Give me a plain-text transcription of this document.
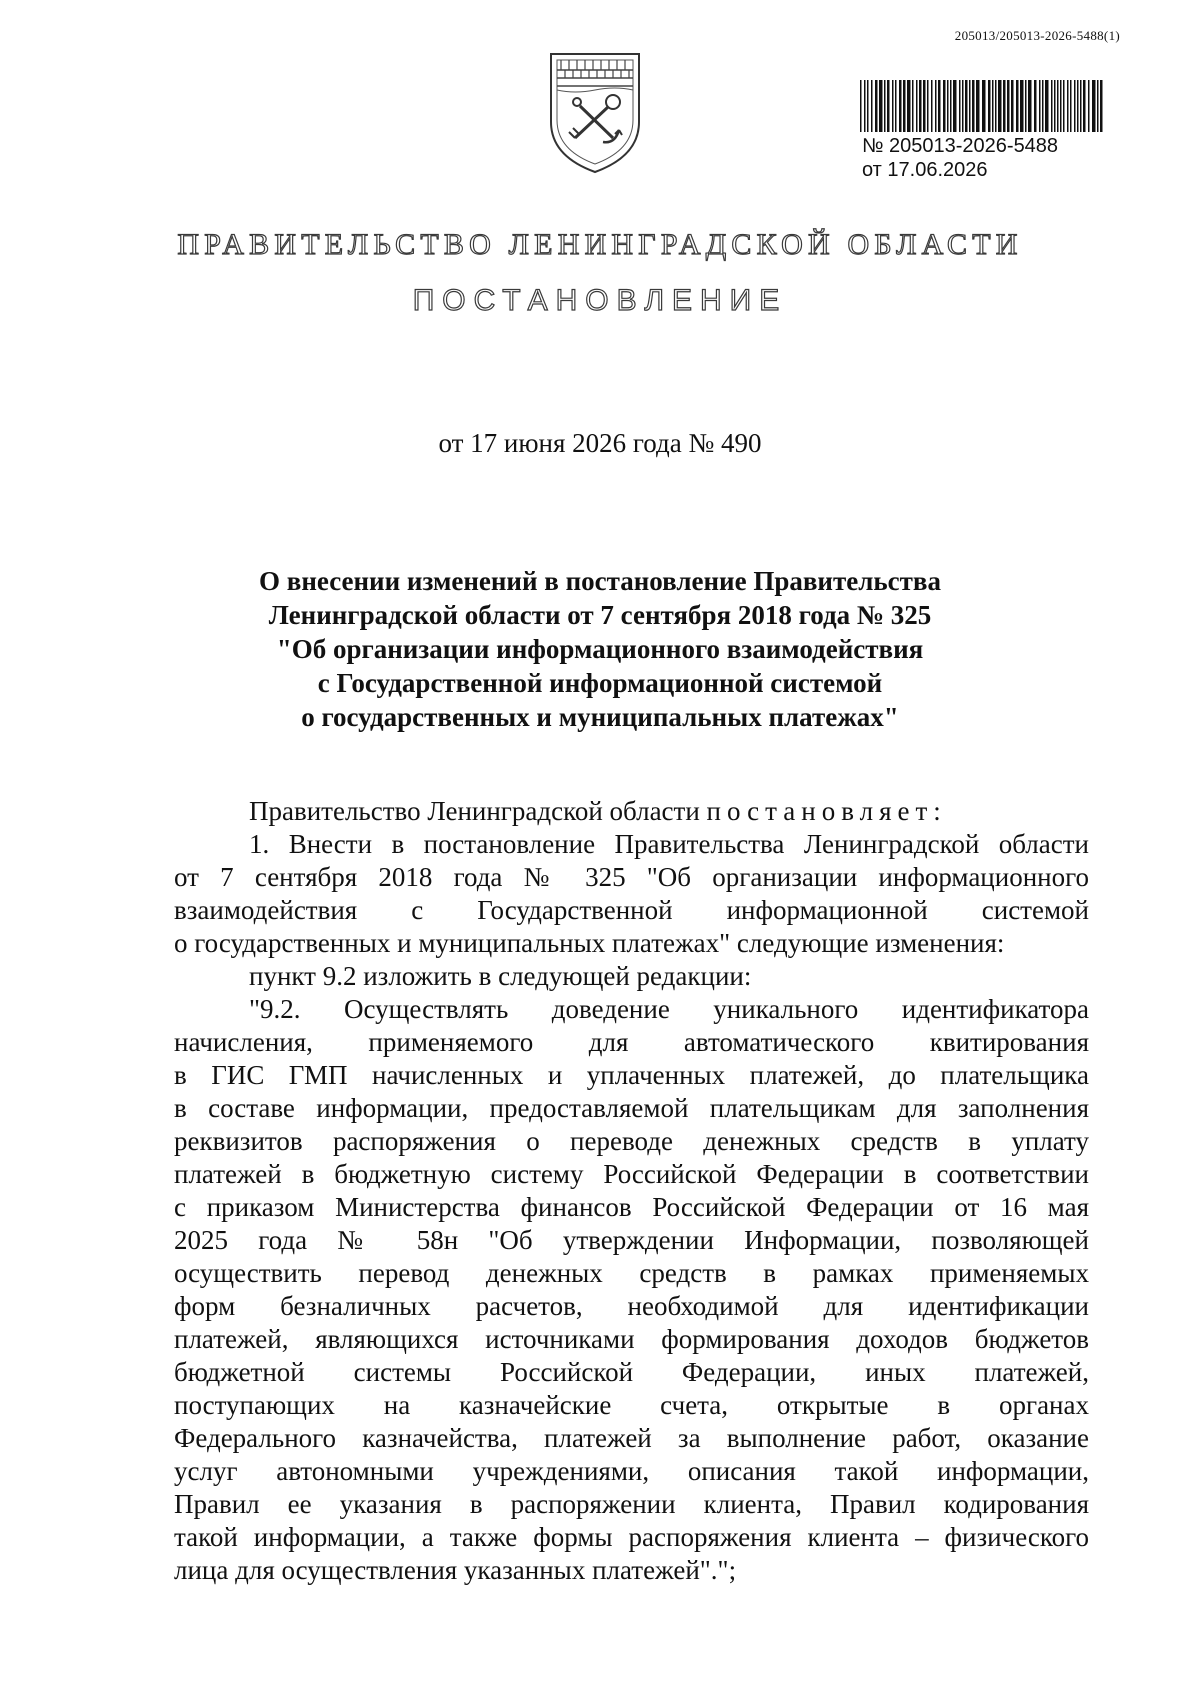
205013/205013-2026-5488(1)
№ 205013-2026-5488
от 17.06.2026
ПРАВИТЕЛЬСТВО ЛЕНИНГРАДСКОЙ ОБЛАСТИ
ПОСТАНОВЛЕНИЕ
от 17 июня 2026 года № 490
О внесении изменений в постановление Правительства
Ленинградской области от 7 сентября 2018 года № 325
"Об организации информационного взаимодействия
с Государственной информационной системой
о государственных и муниципальных платежах"
Правительство Ленинградской области постановляет:
1. Внести в постановление Правительства Ленинградской области
от 7 сентября 2018 года № 325 "Об организации информационного
взаимодействия с Государственной информационной системой
о государственных и муниципальных платежах" следующие изменения:
пункт 9.2 изложить в следующей редакции:
"9.2. Осуществлять доведение уникального идентификатора
начисления, применяемого для автоматического квитирования
в ГИС ГМП начисленных и уплаченных платежей, до плательщика
в составе информации, предоставляемой плательщикам для заполнения
реквизитов распоряжения о переводе денежных средств в уплату
платежей в бюджетную систему Российской Федерации в соответствии
с приказом Министерства финансов Российской Федерации от 16 мая
2025 года № 58н "Об утверждении Информации, позволяющей
осуществить перевод денежных средств в рамках применяемых
форм безналичных расчетов, необходимой для идентификации
платежей, являющихся источниками формирования доходов бюджетов
бюджетной системы Российской Федерации, иных платежей,
поступающих на казначейские счета, открытые в органах
Федерального казначейства, платежей за выполнение работ, оказание
услуг автономными учреждениями, описания такой информации,
Правил ее указания в распоряжении клиента, Правил кодирования
такой информации, а также формы распоряжения клиента – физического
лица для осуществления указанных платежей".";
